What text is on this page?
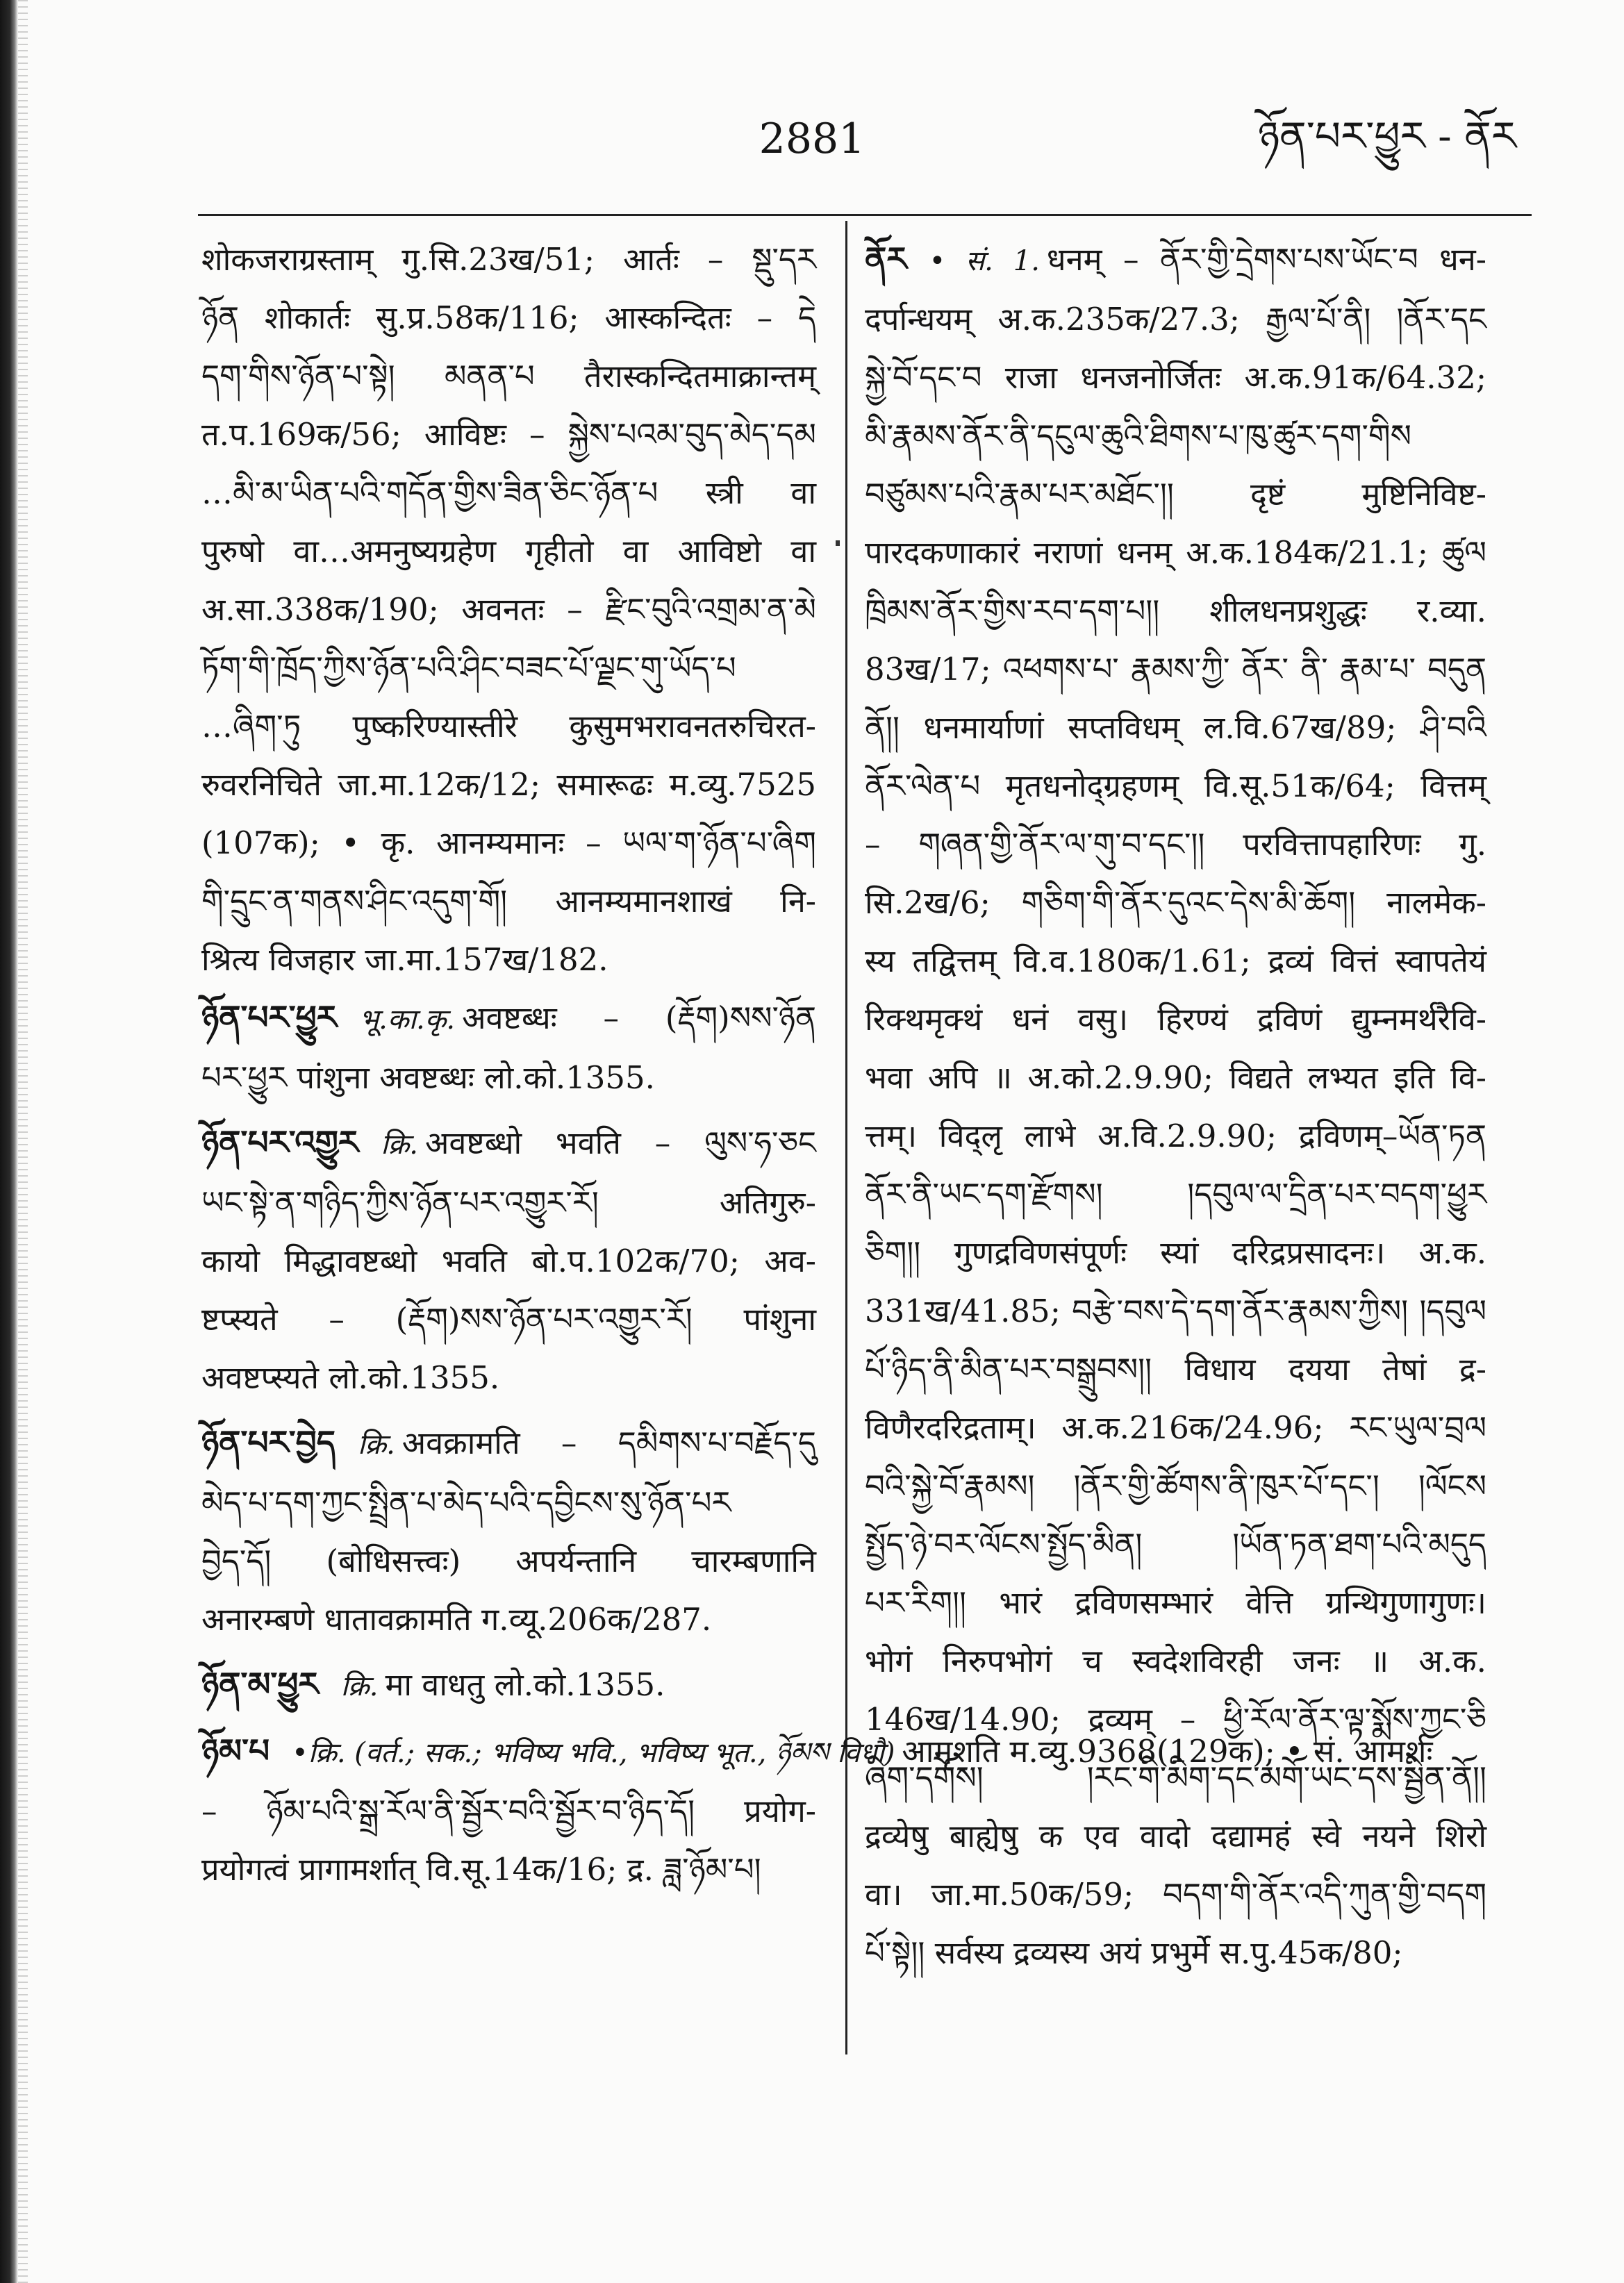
2881	ཉོན་པར་ཕྱུར - ནོར
शोकजराग्रस्ताम् गु.सि.23ख/51; आर्तः – སྡུ་དར
ཉོན शोकार्तः सु.प्र.58क/116; आस्कन्दितः – དེ
དག་གིས་ཉོན་པ་སྟེ། མནན་པ तैरास्कन्दितमाक्रान्तम्
त.प.169क/56; आविष्टः – སྐྱེས་པའམ་བུད་མེད་དམ
…མི་མ་ཡིན་པའི་གདོན་གྱིས་ཟིན་ཅིང་ཉོན་པ स्त्री वा
पुरुषो वा…अमनुष्यग्रहेण गृहीतो वा आविष्टो वा
अ.सा.338क/190; अवनतः – རྫིང་བུའི་འགྲམ་ན་མེ
ཏོག་གི་ཁྲོད་ཀྱིས་ཉོན་པའི་ཤིང་བཟང་པོ་ལྗང་གུ་ཡོད་པ
…ཞིག་ཏུ पुष्करिण्यास्तीरे कुसुमभरावनतरुचिरत-
रुवरनिचिते जा.मा.12क/12; समारूढः म.व्यु.7525
(107क); • कृ. आनम्यमानः – ཡལ་ག་ཉོན་པ་ཞིག
གི་དྲུང་ན་གནས་ཤིང་འདུག་གོ། आनम्यमानशाखं नि-
श्रित्य विजहार जा.मा.157ख/182.
ཉོན་པར་ཕྱུར भू.का.कृ. अवष्टब्धः – (རྡོག)སས་ཉོན
པར་ཕྱུར पांशुना अवष्टब्धः लो.को.1355.
ཉོན་པར་འགྱུར क्रि. अवष्टब्धो भवति – ལུས་ཧ་ཅང
ཡང་སྟེ་ན་གཉིད་ཀྱིས་ཉོན་པར་འགྱུར་རོ། अतिगुरु-
कायो मिद्धावष्टब्धो भवति बो.प.102क/70; अव-
ष्टप्स्यते – (རྡོག)སས་ཉོན་པར་འགྱུར་རོ། पांशुना
अवष्टप्स्यते लो.को.1355.
ཉོན་པར་བྱེད क्रि. अवक्रामति – དམིགས་པ་བརྗོད་དུ
མེད་པ་དག་ཀྱང་སྤྲིན་པ་མེད་པའི་དབྱིངས་སུ་ཉོན་པར
བྱེད་དོ། (बोधिसत्त्वः) अपर्यन्तानि चारम्बणानि
अनारम्बणे धातावक्रामति ग.व्यू.206क/287.
ཉོན་མ་ཕྱུར क्रि. मा वाधतु लो.को.1355.
ཉོམ་པ •क्रि. (वर्त.; सक.; भविष्य भवि., भविष्य भूत., ཉོམས विधौ) आमृशति म.व्यु.9368(129क); • सं. आमर्शः
– ཉོམ་པའི་སྒྲ་རོལ་ནི་སྦྱོར་བའི་སྦྱོར་བ་ཉིད་དོ། प्रयोग-
प्रयोगत्वं प्रागामर्शात् वि.सू.14क/16; द्र. ཟླ་ཉོམ་པ།
ནོར • सं. 1. धनम् – ནོར་གྱི་དྲེགས་པས་ཡོང་བ धन-
दर्पान्धयम् अ.क.235क/27.3; རྒྱལ་པོ་ནི། །ནོར་དང
སྐྱེ་བོ་དང་བ राजा धनजनोर्जितः अ.क.91क/64.32;
མི་རྣམས་ནོར་ནི་དངུལ་ཆུའི་ཐིགས་པ་ཁུ་ཚུར་དག་གིས
བཙུམས་པའི་རྣམ་པར་མཐོང་།། दृष्टं मुष्टिनिविष्ट-
पारदकणाकारं नराणां धनम् अ.क.184क/21.1; ཚུལ
ཁྲིམས་ནོར་གྱིས་རབ་དག་པ།། शीलधनप्रशुद्धः र.व्या.
83ख/17; འཕགས་པ་ རྣམས་ཀྱི་ ནོར་ ནི་ རྣམ་པ་ བདུན
ནོ།། धनमार्याणां सप्तविधम् ल.वि.67ख/89; ཤི་བའི
ནོར་ལེན་པ मृतधनोद्ग्रहणम् वि.सू.51क/64; वित्तम्
– གཞན་གྱི་ནོར་ལ་གུ་བ་དང་།། परवित्तापहारिणः गु.
सि.2ख/6; གཅིག་གི་ནོར་དུའང་དེས་མི་ཆོག། नालमेक-
स्य तद्वित्तम् वि.व.180क/1.61; द्रव्यं वित्तं स्वापतेयं
रिक्थमृक्थं धनं वसु। हिरण्यं द्रविणं द्युम्नमर्थरैवि-
भवा अपि ॥ अ.को.2.9.90; विद्यते लभ्यत इति वि-
त्तम्। विद्लृ लाभे अ.वि.2.9.90; द्रविणम्–ཡོན་ཏན
ནོར་ནི་ཡང་དག་རྫོགས། །དབུལ་ལ་དྲིན་པར་བདག་ཕྱུར
ཅིག།། गुणद्रविणसंपूर्णः स्यां दरिद्रप्रसादनः। अ.क.
331ख/41.85; བརྩེ་བས་དེ་དག་ནོར་རྣམས་ཀྱིས། །དབུལ
པོ་ཉིད་ནི་མིན་པར་བསྒྲུབས།། विधाय दयया तेषां द्र-
विणैरदरिद्रताम्। अ.क.216क/24.96; རང་ཡུལ་བྲལ
བའི་སྐྱེ་བོ་རྣམས། །ནོར་གྱི་ཚོགས་ནི་ཁུར་པོ་དང་། །ལོངས
སྤྱོད་ཉེ་བར་ལོངས་སྤྱོད་མིན། །ཡོན་ཏན་ཐག་པའི་མདུད
པར་རིག།། भारं द्रविणसम्भारं वेत्ति ग्रन्थिगुणागुणः।
भोगं निरुपभोगं च स्वदेशविरही जनः ॥ अ.क.
146ख/14.90; द्रव्यम् – ཕྱི་རོལ་ནོར་ལྟ་སྨོས་ཀྱང་ཅི
ཞིག་དགོས། །རང་གི་མིག་དང་མགོ་ཡང་དས་སྦྱིན་ནོ།།
द्रव्येषु बाह्येषु क एव वादो दद्यामहं स्वे नयने शिरो
वा। जा.मा.50क/59; བདག་གི་ནོར་འདི་ཀུན་གྱི་བདག
པོ་སྟེ།། सर्वस्य द्रव्यस्य अयं प्रभुर्मे स.पु.45क/80;
